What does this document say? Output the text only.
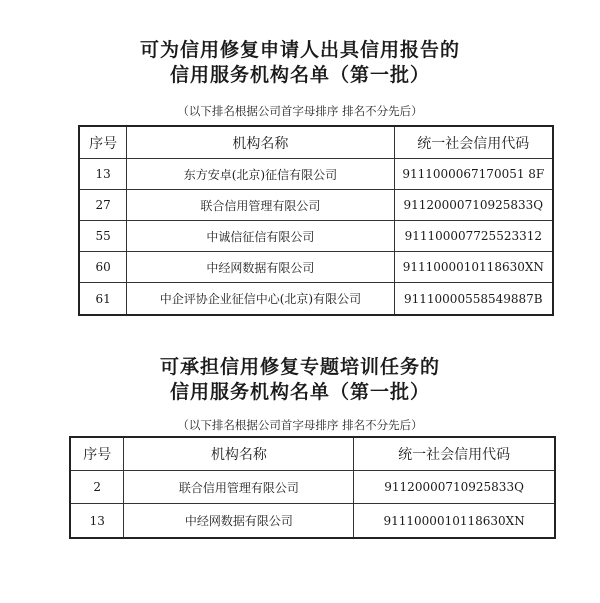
可为信用修复申请人出具信用报告的

信用服务机构名单（第一批）

（以下排名根据公司首字母排序 排名不分先后）
序号	机构名称	统一社会信用代码
13	东方安卓(北京)征信有限公司	9111000067170051 8F
27	联合信用管理有限公司	91120000710925833Q
55	中诚信征信有限公司	911100007725523312
60	中经网数据有限公司	9111000010118630XN
61	中企评协企业征信中心(北京)有限公司	91110000558549887B

可承担信用修复专题培训任务的

信用服务机构名单（第一批）

（以下排名根据公司首字母排序 排名不分先后）
序号	机构名称	统一社会信用代码
2	联合信用管理有限公司	91120000710925833Q
13	中经网数据有限公司	9111000010118630XN
